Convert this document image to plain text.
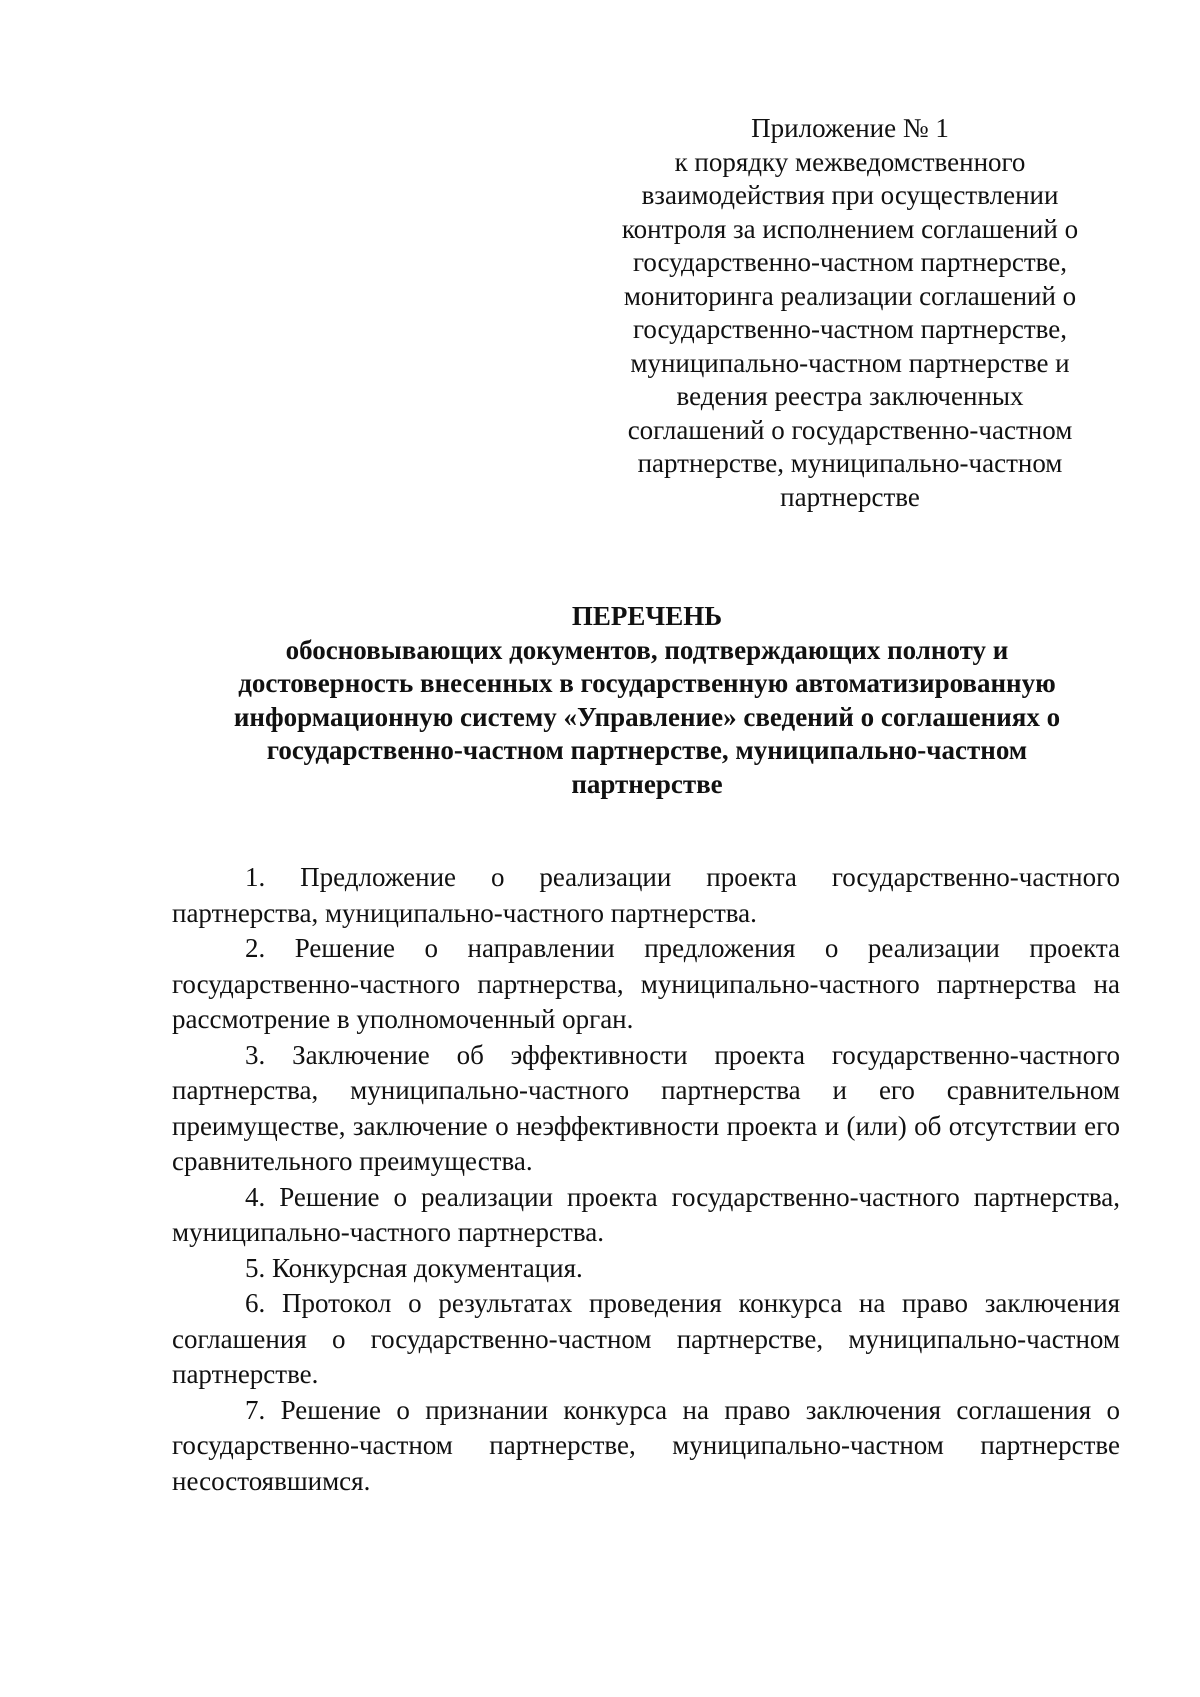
Приложение № 1
к порядку межведомственного
взаимодействия при осуществлении
контроля за исполнением соглашений о
государственно-частном партнерстве,
мониторинга реализации соглашений о
государственно-частном партнерстве,
муниципально-частном партнерстве и
ведения реестра заключенных
соглашений о государственно-частном
партнерстве, муниципально-частном
партнерстве
ПЕРЕЧЕНЬ
обосновывающих документов, подтверждающих полноту и
достоверность внесенных в государственную автоматизированную
информационную систему «Управление» сведений о соглашениях о
государственно-частном партнерстве, муниципально-частном
партнерстве

1. Предложение о реализации проекта государственно-частного партнерства, муниципально-частного партнерства.

2. Решение о направлении предложения о реализации проекта государственно-частного партнерства, муниципально-частного партнерства на рассмотрение в уполномоченный орган.

3. Заключение об эффективности проекта государственно-частного партнерства, муниципально-частного партнерства и его сравнительном преимуществе, заключение о неэффективности проекта и (или) об отсутствии его сравнительного преимущества.

4. Решение о реализации проекта государственно-частного партнерства, муниципально-частного партнерства.

5. Конкурсная документация.

6. Протокол о результатах проведения конкурса на право заключения соглашения о государственно-частном партнерстве, муниципально-частном партнерстве.

7. Решение о признании конкурса на право заключения соглашения о государственно-частном партнерстве, муниципально-частном партнерстве несостоявшимся.
